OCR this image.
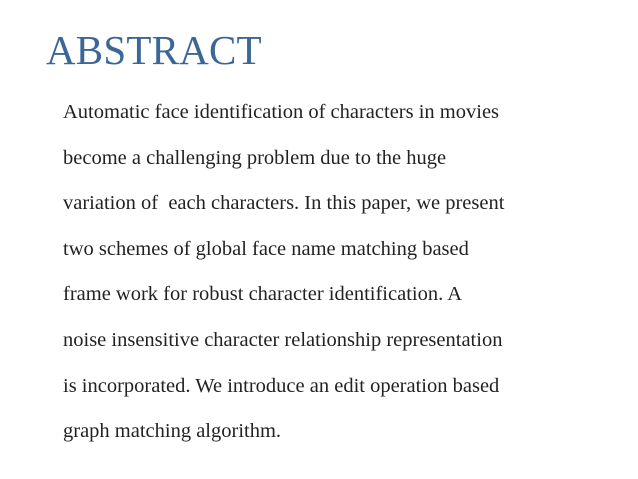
ABSTRACT
Automatic face identification of characters in movies
become a challenging problem due to the huge
variation of  each characters. In this paper, we present
two schemes of global face name matching based
frame work for robust character identification. A
noise insensitive character relationship representation
is incorporated. We introduce an edit operation based
graph matching algorithm.
